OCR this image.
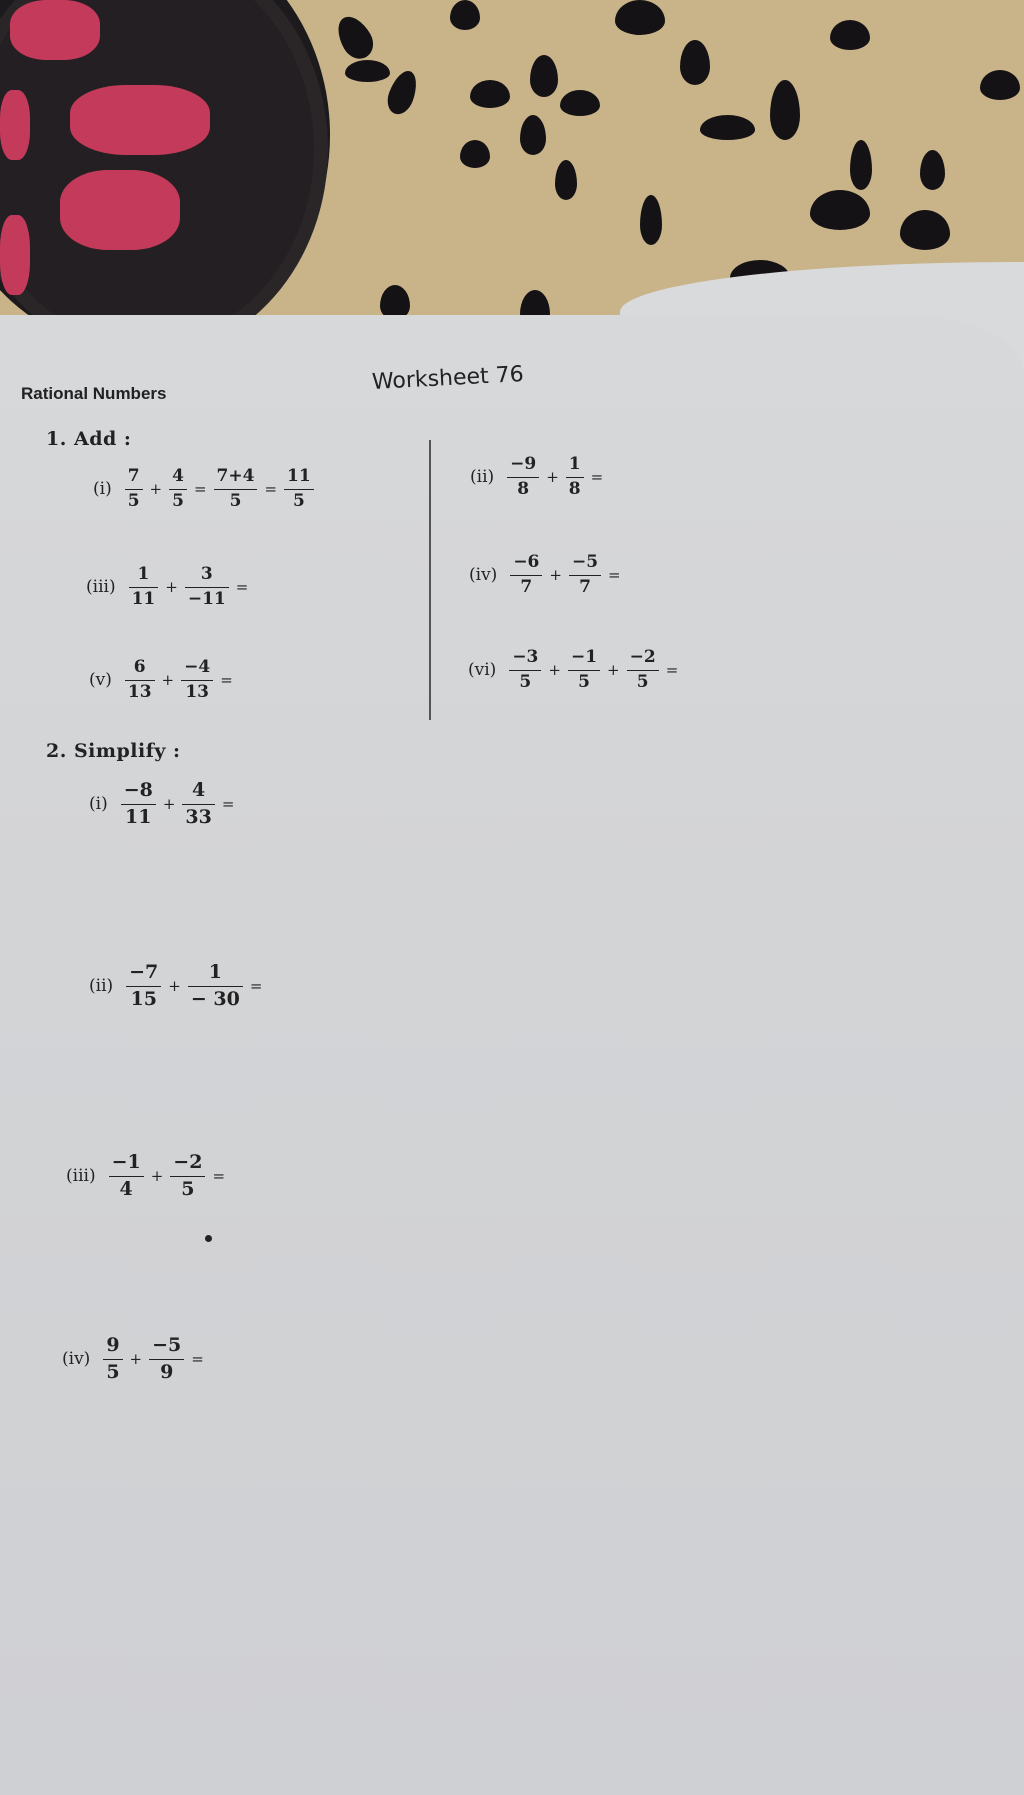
Rational Numbers	Worksheet 76
1. Add :
2. Simplify :
$(i) \frac{7}{5} + \frac{4}{5} = \frac{7+4}{5} = \frac{11}{5}$	$(ii) \frac{-9}{8} + \frac{1}{8}$ =
$(iii) \frac{1}{11} + \frac{3}{-11}$ =
$(iv) \frac{-6}{7} + \frac{-5}{7}$ =
$(v) \frac{6}{13} + \frac{-4}{13}$ =	$(vi) \frac{-3}{5} + \frac{-1}{5} + \frac{-2}{5}$ =
$(i) \frac{-8}{11} + \frac{4}{33}$ =
$(ii) \frac{-7}{15} + \frac{1}{- 30}$ =
$(iii) \frac{-1}{4} + \frac{-2}{5}$ =
$(iv) \frac{9}{5} + \frac{-5}{9}$ =
